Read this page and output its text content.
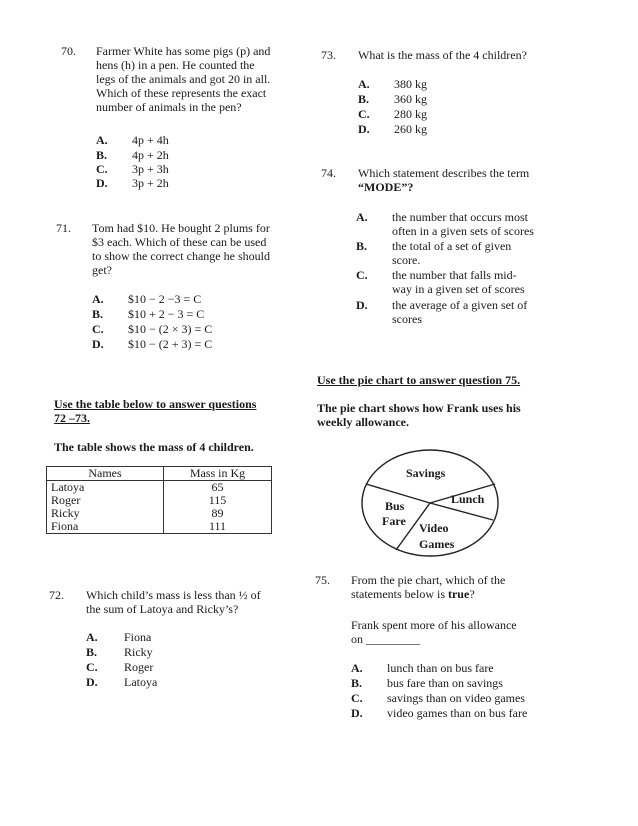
70. Farmer White has some pigs (p) and
hens (h) in a pen. He counted the
legs of the animals and got 20 in all.
Which of these represents the exact
number of animals in the pen?
A. 4p + 4h
B. 4p + 2h
C. 3p + 3h
D. 3p + 2h
71. Tom had $10. He bought 2 plums for
$3 each. Which of these can be used
to show the correct change he should
get?
A. $10 − 2 −3 = C
B. $10 + 2 − 3 = C
C. $10 − (2 × 3) = C
D. $10 − (2 + 3) = C
Use the table below to answer questions
72 –73.
The table shows the mass of 4 children.
Names	Mass in Kg
Latoya	65
Roger	115
Ricky	89
Fiona	111
72. Which child’s mass is less than ½ of
the sum of Latoya and Ricky’s?
A. Fiona
B. Ricky
C. Roger
D. Latoya
73. What is the mass of the 4 children?
A. 380 kg
B. 360 kg
C. 280 kg
D. 260 kg
74. Which statement describes the term
“MODE”?
A. the number that occurs most
often in a given sets of scores
B. the total of a set of given
score.
C. the number that falls mid-
way in a given set of scores
D. the average of a given set of
scores
Use the pie chart to answer question 75.
The pie chart shows how Frank uses his
weekly allowance.
Savings
Lunch
Bus
Fare Video
Games
75. From the pie chart, which of the
statements below is true?
Frank spent more of his allowance
on _________
A. lunch than on bus fare
B. bus fare than on savings
C. savings than on video games
D. video games than on bus fare
